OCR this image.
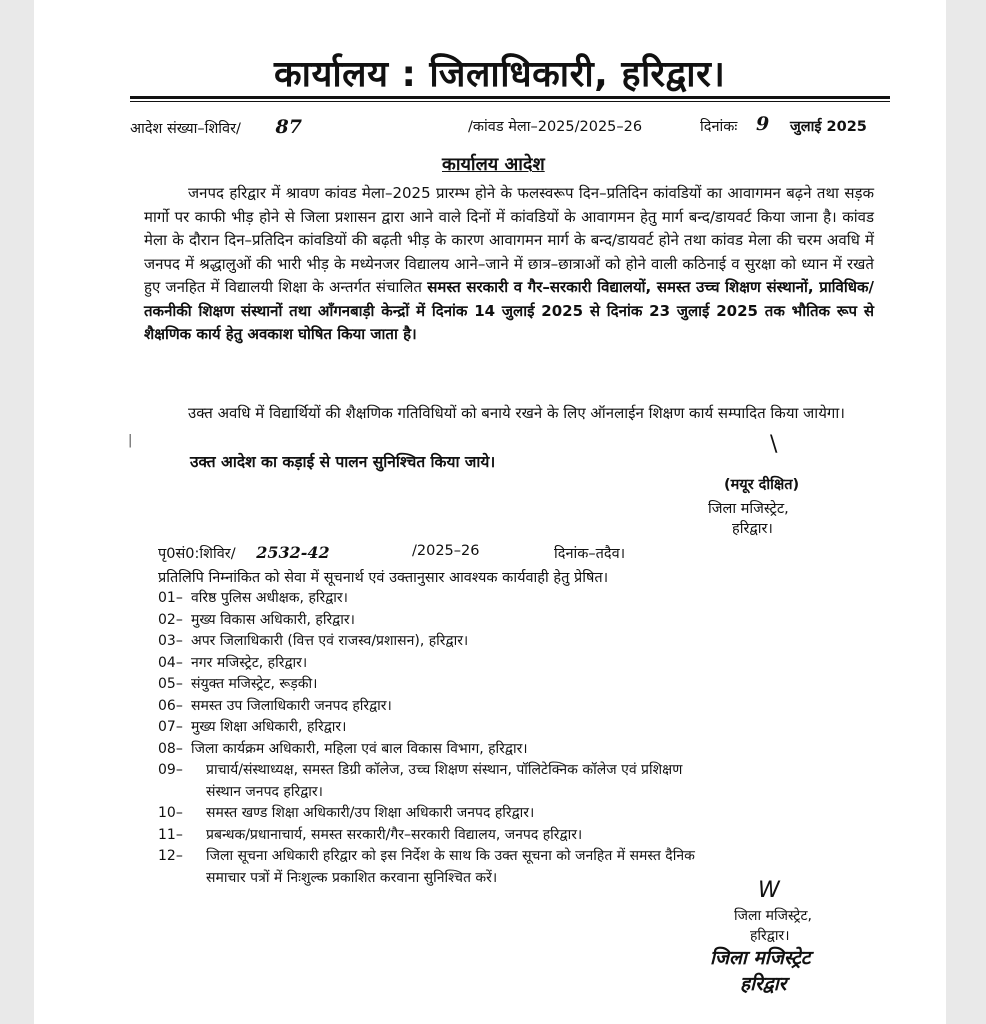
कार्यालय : जिलाधिकारी, हरिद्वार।
आदेश संख्या–शिविर/ 87	/कांवड मेला–2025/2025–26	दिनांकः 9 जुलाई 2025
कार्यालय आदेश
जनपद हरिद्वार में श्रावण कांवड मेला–2025 प्रारम्भ होने के फलस्वरूप दिन–प्रतिदिन कांवडियों का आवागमन बढ़ने तथा सड़क मार्गो पर काफी भीड़ होने से जिला प्रशासन द्वारा आने वाले दिनों में कांवडियों के आवागमन हेतु मार्ग बन्द/डायवर्ट किया जाना है। कांवड मेला के दौरान दिन–प्रतिदिन कांवडियों की बढ़ती भीड़ के कारण आवागमन मार्ग के बन्द/डायवर्ट होने तथा कांवड मेला की चरम अवधि में जनपद में श्रद्धालुओं की भारी भीड़ के मध्येनजर विद्यालय आने–जाने में छात्र–छात्राओं को होने वाली कठिनाई व सुरक्षा को ध्यान में रखते हुए जनहित में विद्यालयी शिक्षा के अन्तर्गत संचालित समस्त सरकारी व गैर–सरकारी विद्यालयों, समस्त उच्च शिक्षण संस्थानों, प्राविधिक/तकनीकी शिक्षण संस्थानों तथा आँगनबाड़ी केन्द्रों में दिनांक 14 जुलाई 2025 से दिनांक 23 जुलाई 2025 तक भौतिक रूप से शैक्षणिक कार्य हेतु अवकाश घोषित किया जाता है।
उक्त अवधि में विद्यार्थियों की शैक्षणिक गतिविधियों को बनाये रखने के लिए ऑनलाईन शिक्षण कार्य सम्पादित किया जायेगा।
|
उक्त आदेश का कड़ाई से पालन सुनिश्चित किया जाये।
\
(मयूर दीक्षित)
जिला मजिस्ट्रेट,
हरिद्वार।
पृ0सं0:शिविर/ 2532-42	/2025–26	दिनांक–तदैव।
प्रतिलिपि निम्नांकित को सेवा में सूचनार्थ एवं उक्तानुसार आवश्यक कार्यवाही हेतु प्रेषित।
01– वरिष्ठ पुलिस अधीक्षक, हरिद्वार।
02– मुख्य विकास अधिकारी, हरिद्वार।
03– अपर जिलाधिकारी (वित्त एवं राजस्व/प्रशासन), हरिद्वार।
04– नगर मजिस्ट्रेट, हरिद्वार।
05– संयुक्त मजिस्ट्रेट, रूड़की।
06– समस्त उप जिलाधिकारी जनपद हरिद्वार।
07– मुख्य शिक्षा अधिकारी, हरिद्वार।
08– जिला कार्यक्रम अधिकारी, महिला एवं बाल विकास विभाग, हरिद्वार।
09– प्राचार्य/संस्थाध्यक्ष, समस्त डिग्री कॉलेज, उच्च शिक्षण संस्थान, पॉलिटेक्निक कॉलेज एवं प्रशिक्षण
संस्थान जनपद हरिद्वार।
10– समस्त खण्ड शिक्षा अधिकारी/उप शिक्षा अधिकारी जनपद हरिद्वार।
11– प्रबन्धक/प्रधानाचार्य, समस्त सरकारी/गैर–सरकारी विद्यालय, जनपद हरिद्वार।
12– जिला सूचना अधिकारी हरिद्वार को इस निर्देश के साथ कि उक्त सूचना को जनहित में समस्त दैनिक
समाचार पत्रों में निःशुल्क प्रकाशित करवाना सुनिश्चित करें।
W
जिला मजिस्ट्रेट,
हरिद्वार।
जिला मजिस्ट्रेट
हरिद्वार
